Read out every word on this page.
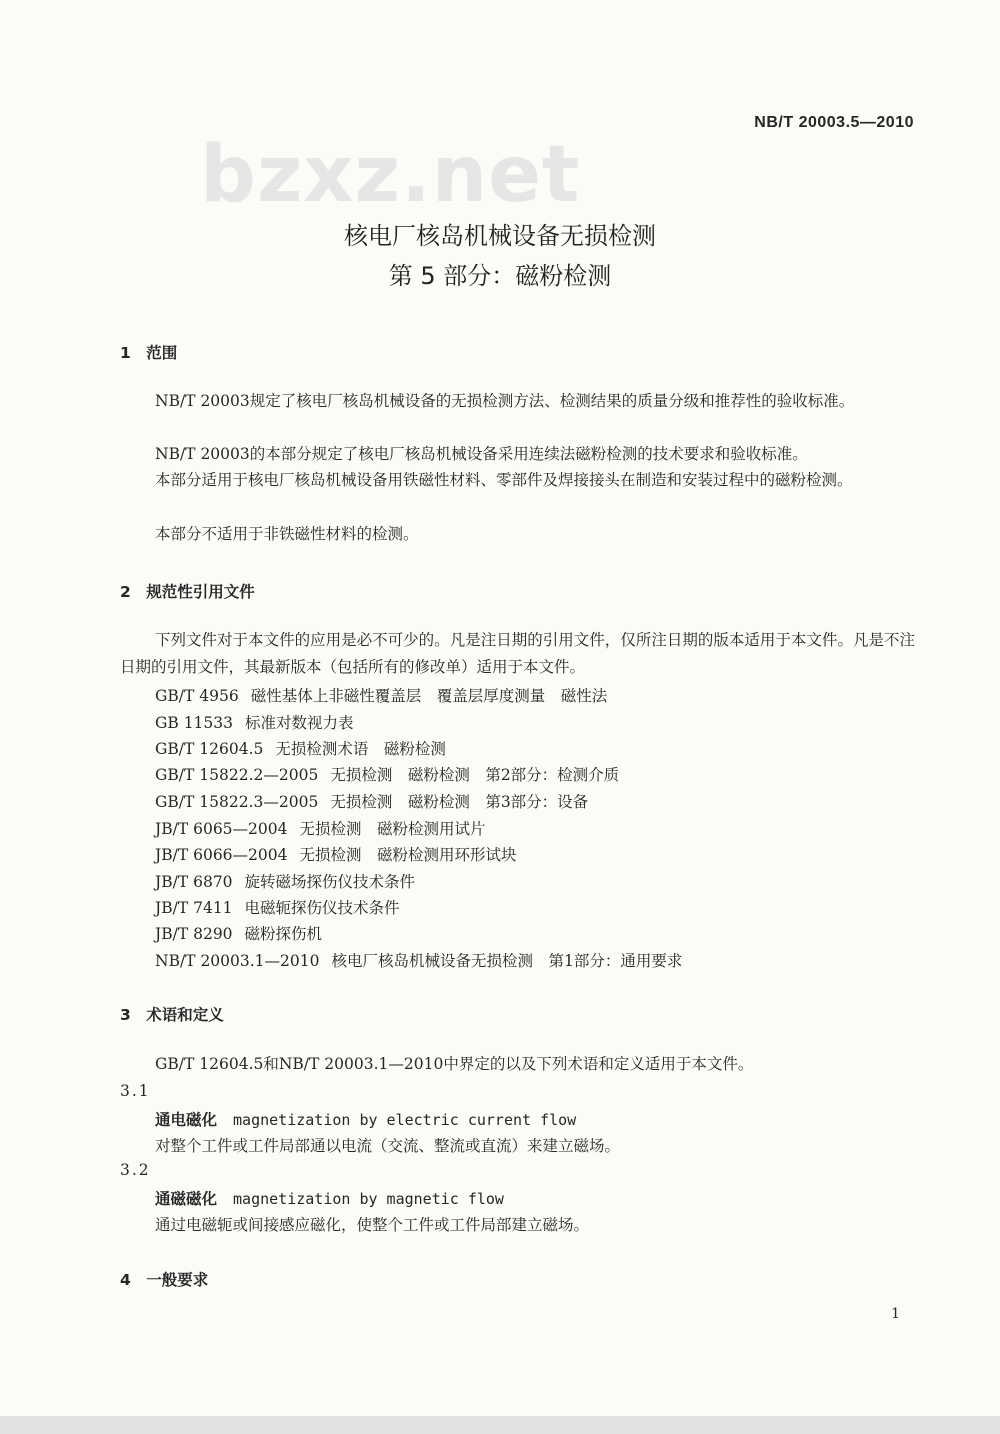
NB/T 20003.5—2010
bzxz.net
核电厂核岛机械设备无损检测
第 5 部分：磁粉检测
1　范围
NB/T 20003规定了核电厂核岛机械设备的无损检测方法、检测结果的质量分级和推荐性的验收标准。
NB/T 20003的本部分规定了核电厂核岛机械设备采用连续法磁粉检测的技术要求和验收标准。
本部分适用于核电厂核岛机械设备用铁磁性材料、零部件及焊接接头在制造和安装过程中的磁粉检测。
本部分不适用于非铁磁性材料的检测。
2　规范性引用文件
下列文件对于本文件的应用是必不可少的。凡是注日期的引用文件，仅所注日期的版本适用于本文件。凡是不注日期的引用文件，其最新版本（包括所有的修改单）适用于本文件。
GB/T 4956 磁性基体上非磁性覆盖层　覆盖层厚度测量　磁性法
GB 11533 标准对数视力表
GB/T 12604.5 无损检测术语　磁粉检测
GB/T 15822.2—2005 无损检测　磁粉检测　第2部分：检测介质
GB/T 15822.3—2005 无损检测　磁粉检测　第3部分：设备
JB/T 6065—2004 无损检测　磁粉检测用试片
JB/T 6066—2004 无损检测　磁粉检测用环形试块
JB/T 6870 旋转磁场探伤仪技术条件
JB/T 7411 电磁轭探伤仪技术条件
JB/T 8290 磁粉探伤机
NB/T 20003.1—2010 核电厂核岛机械设备无损检测　第1部分：通用要求
3　术语和定义
GB/T 12604.5和NB/T 20003.1—2010中界定的以及下列术语和定义适用于本文件。
3.1
通电磁化 magnetization by electric current flow
对整个工件或工件局部通以电流（交流、整流或直流）来建立磁场。
3.2
通磁磁化 magnetization by magnetic flow
通过电磁轭或间接感应磁化，使整个工件或工件局部建立磁场。
4　一般要求
1
